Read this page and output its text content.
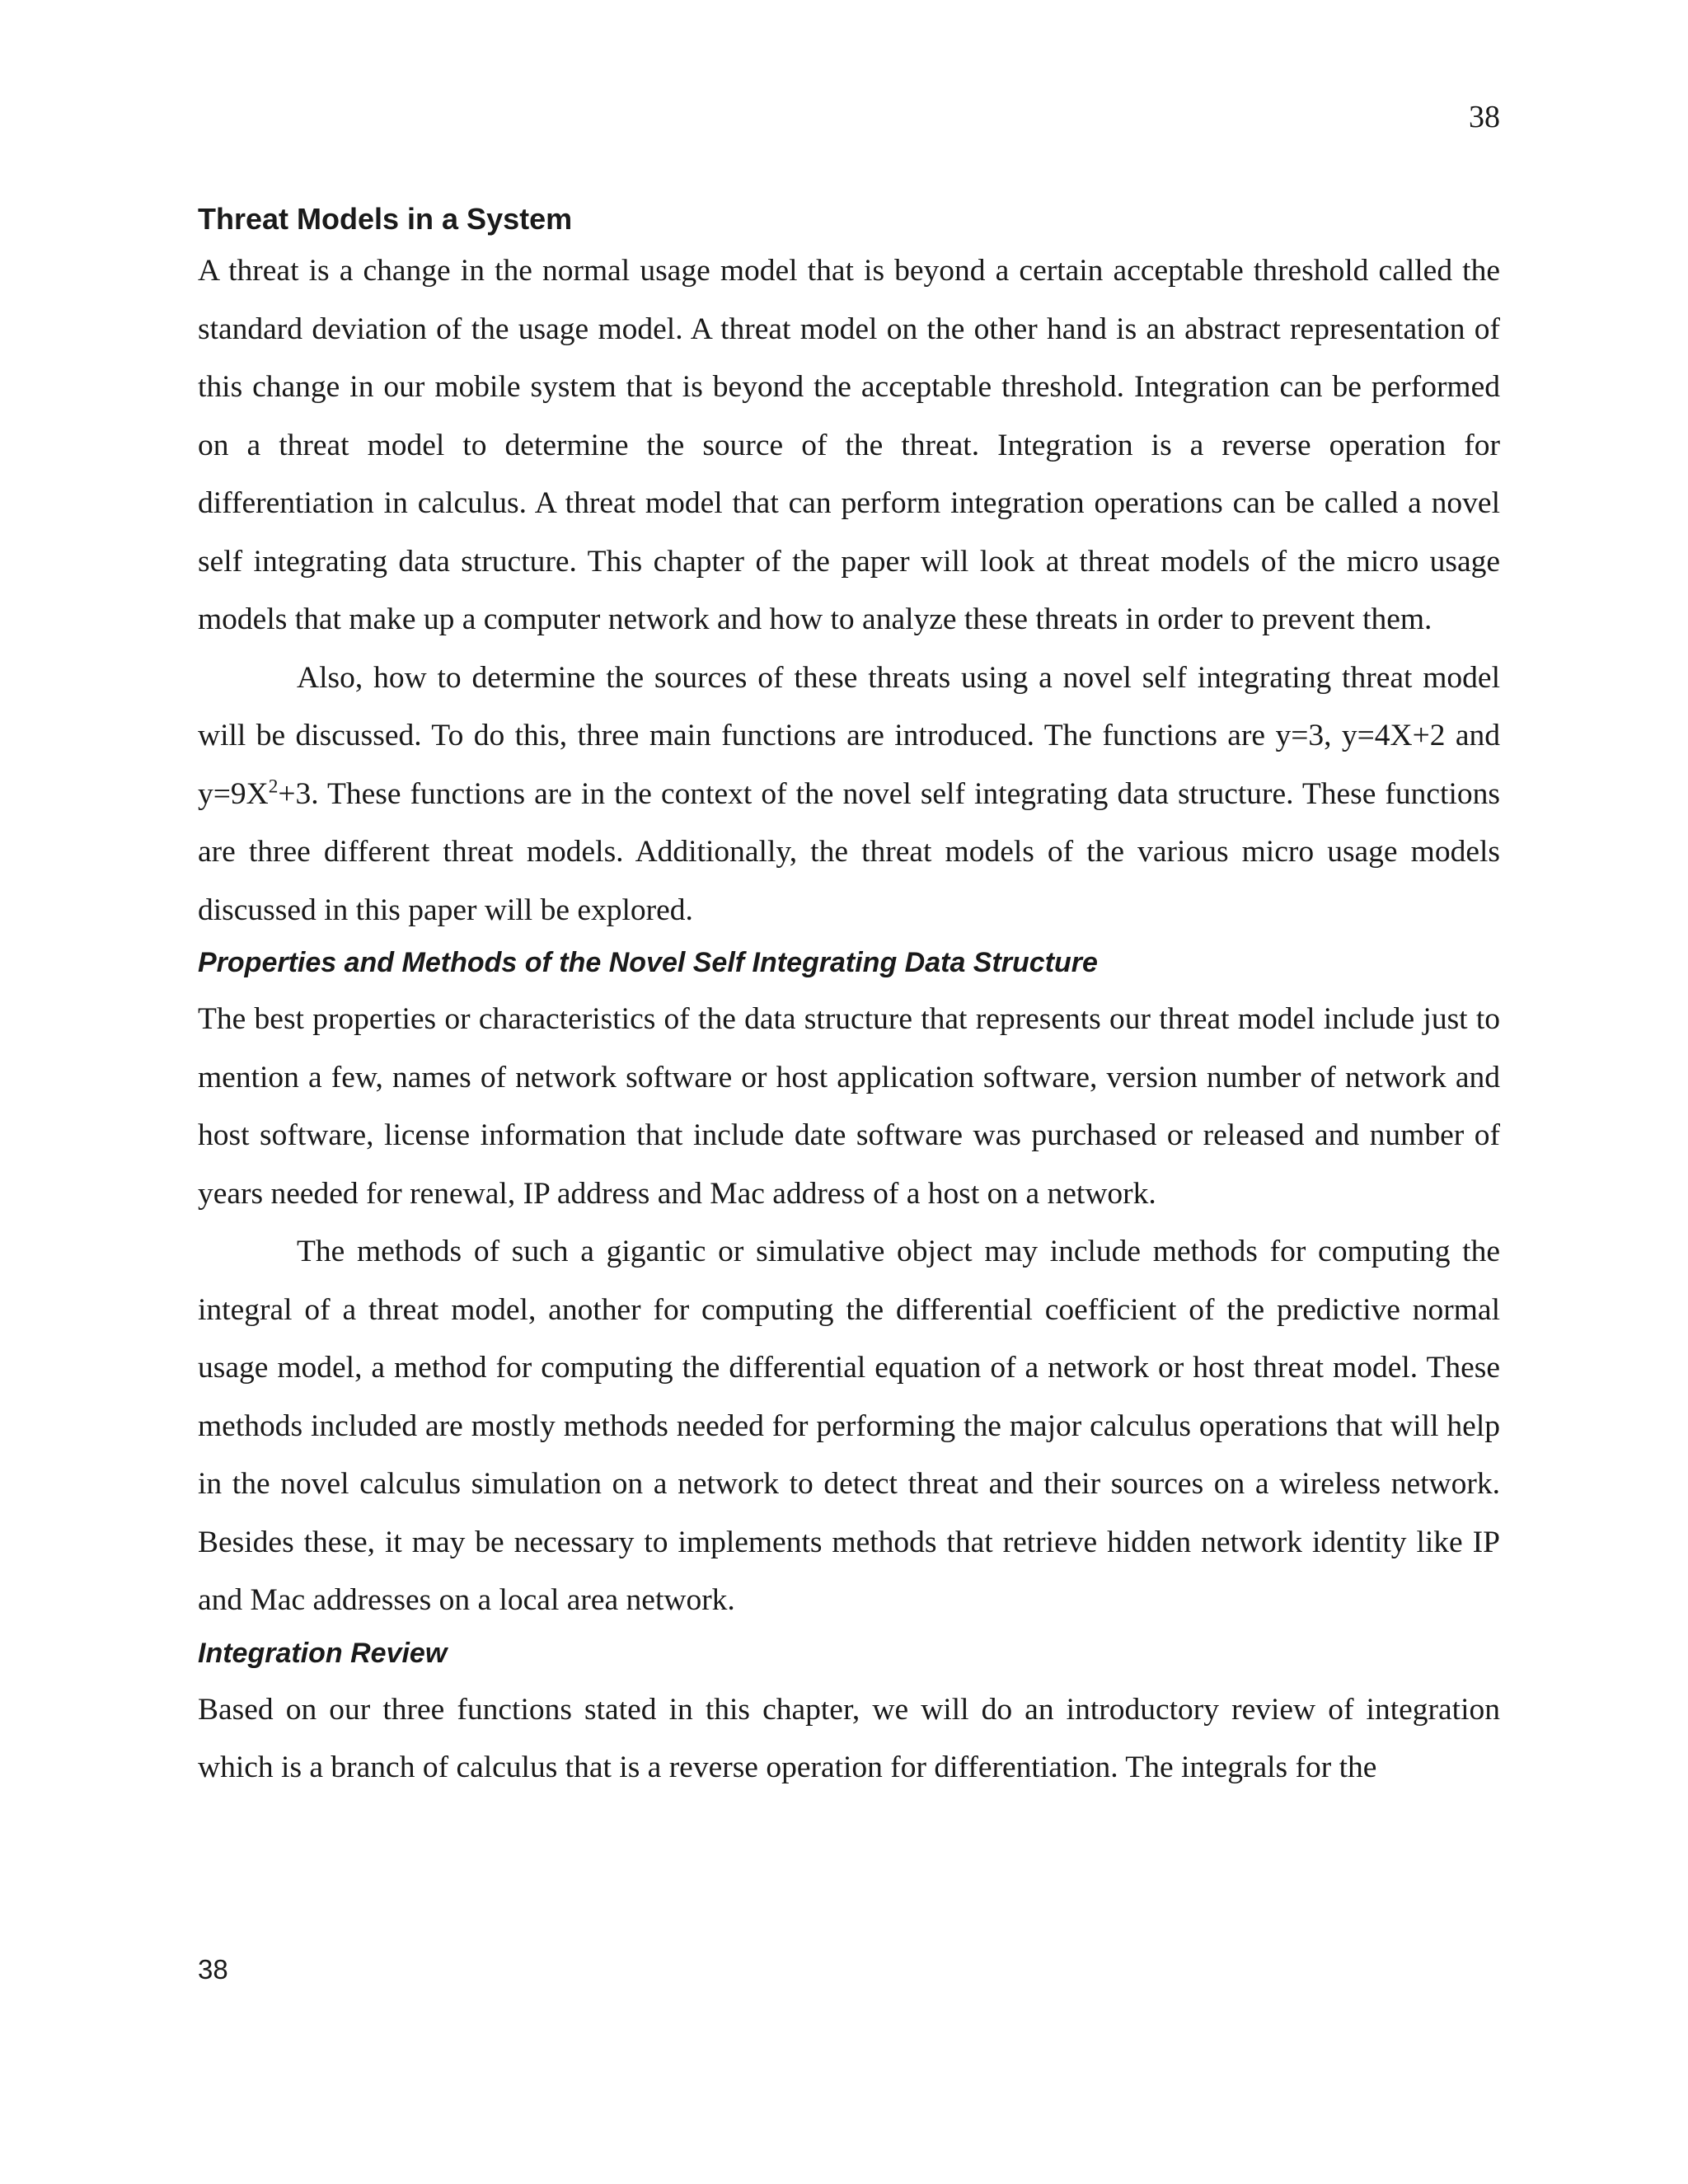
38
Threat Models in a System

A threat is a change in the normal usage model that is beyond a certain acceptable threshold called the standard deviation of the usage model. A threat model on the other hand is an abstract representation of this change in our mobile system that is beyond the acceptable threshold. Integration can be performed on a threat model to determine the source of the threat. Integration is a reverse operation for differentiation in calculus. A threat model that can perform integration operations can be called a novel self integrating data structure. This chapter of the paper will look at threat models of the micro usage models that make up a computer network and how to analyze these threats in order to prevent them.

Also, how to determine the sources of these threats using a novel self integrating threat model will be discussed. To do this, three main functions are introduced. The functions are y=3, y=4X+2 and $y=9X^2+3$. These functions are in the context of the novel self integrating data structure. These functions are three different threat models. Additionally, the threat models of the various micro usage models discussed in this paper will be explored.

Properties and Methods of the Novel Self Integrating Data Structure

The best properties or characteristics of the data structure that represents our threat model include just to mention a few, names of network software or host application software, version number of network and host software, license information that include date software was purchased or released and number of years needed for renewal, IP address and Mac address of a host on a network.

The methods of such a gigantic or simulative object may include methods for computing the integral of a threat model, another for computing the differential coefficient of the predictive normal usage model, a method for computing the differential equation of a network or host threat model. These methods included are mostly methods needed for performing the major calculus operations that will help in the novel calculus simulation on a network to detect threat and their sources on a wireless network. Besides these, it may be necessary to implements methods that retrieve hidden network identity like IP and Mac addresses on a local area network.

Integration Review

Based on our three functions stated in this chapter, we will do an introductory review of integration which is a branch of calculus that is a reverse operation for differentiation. The integrals for the

38
